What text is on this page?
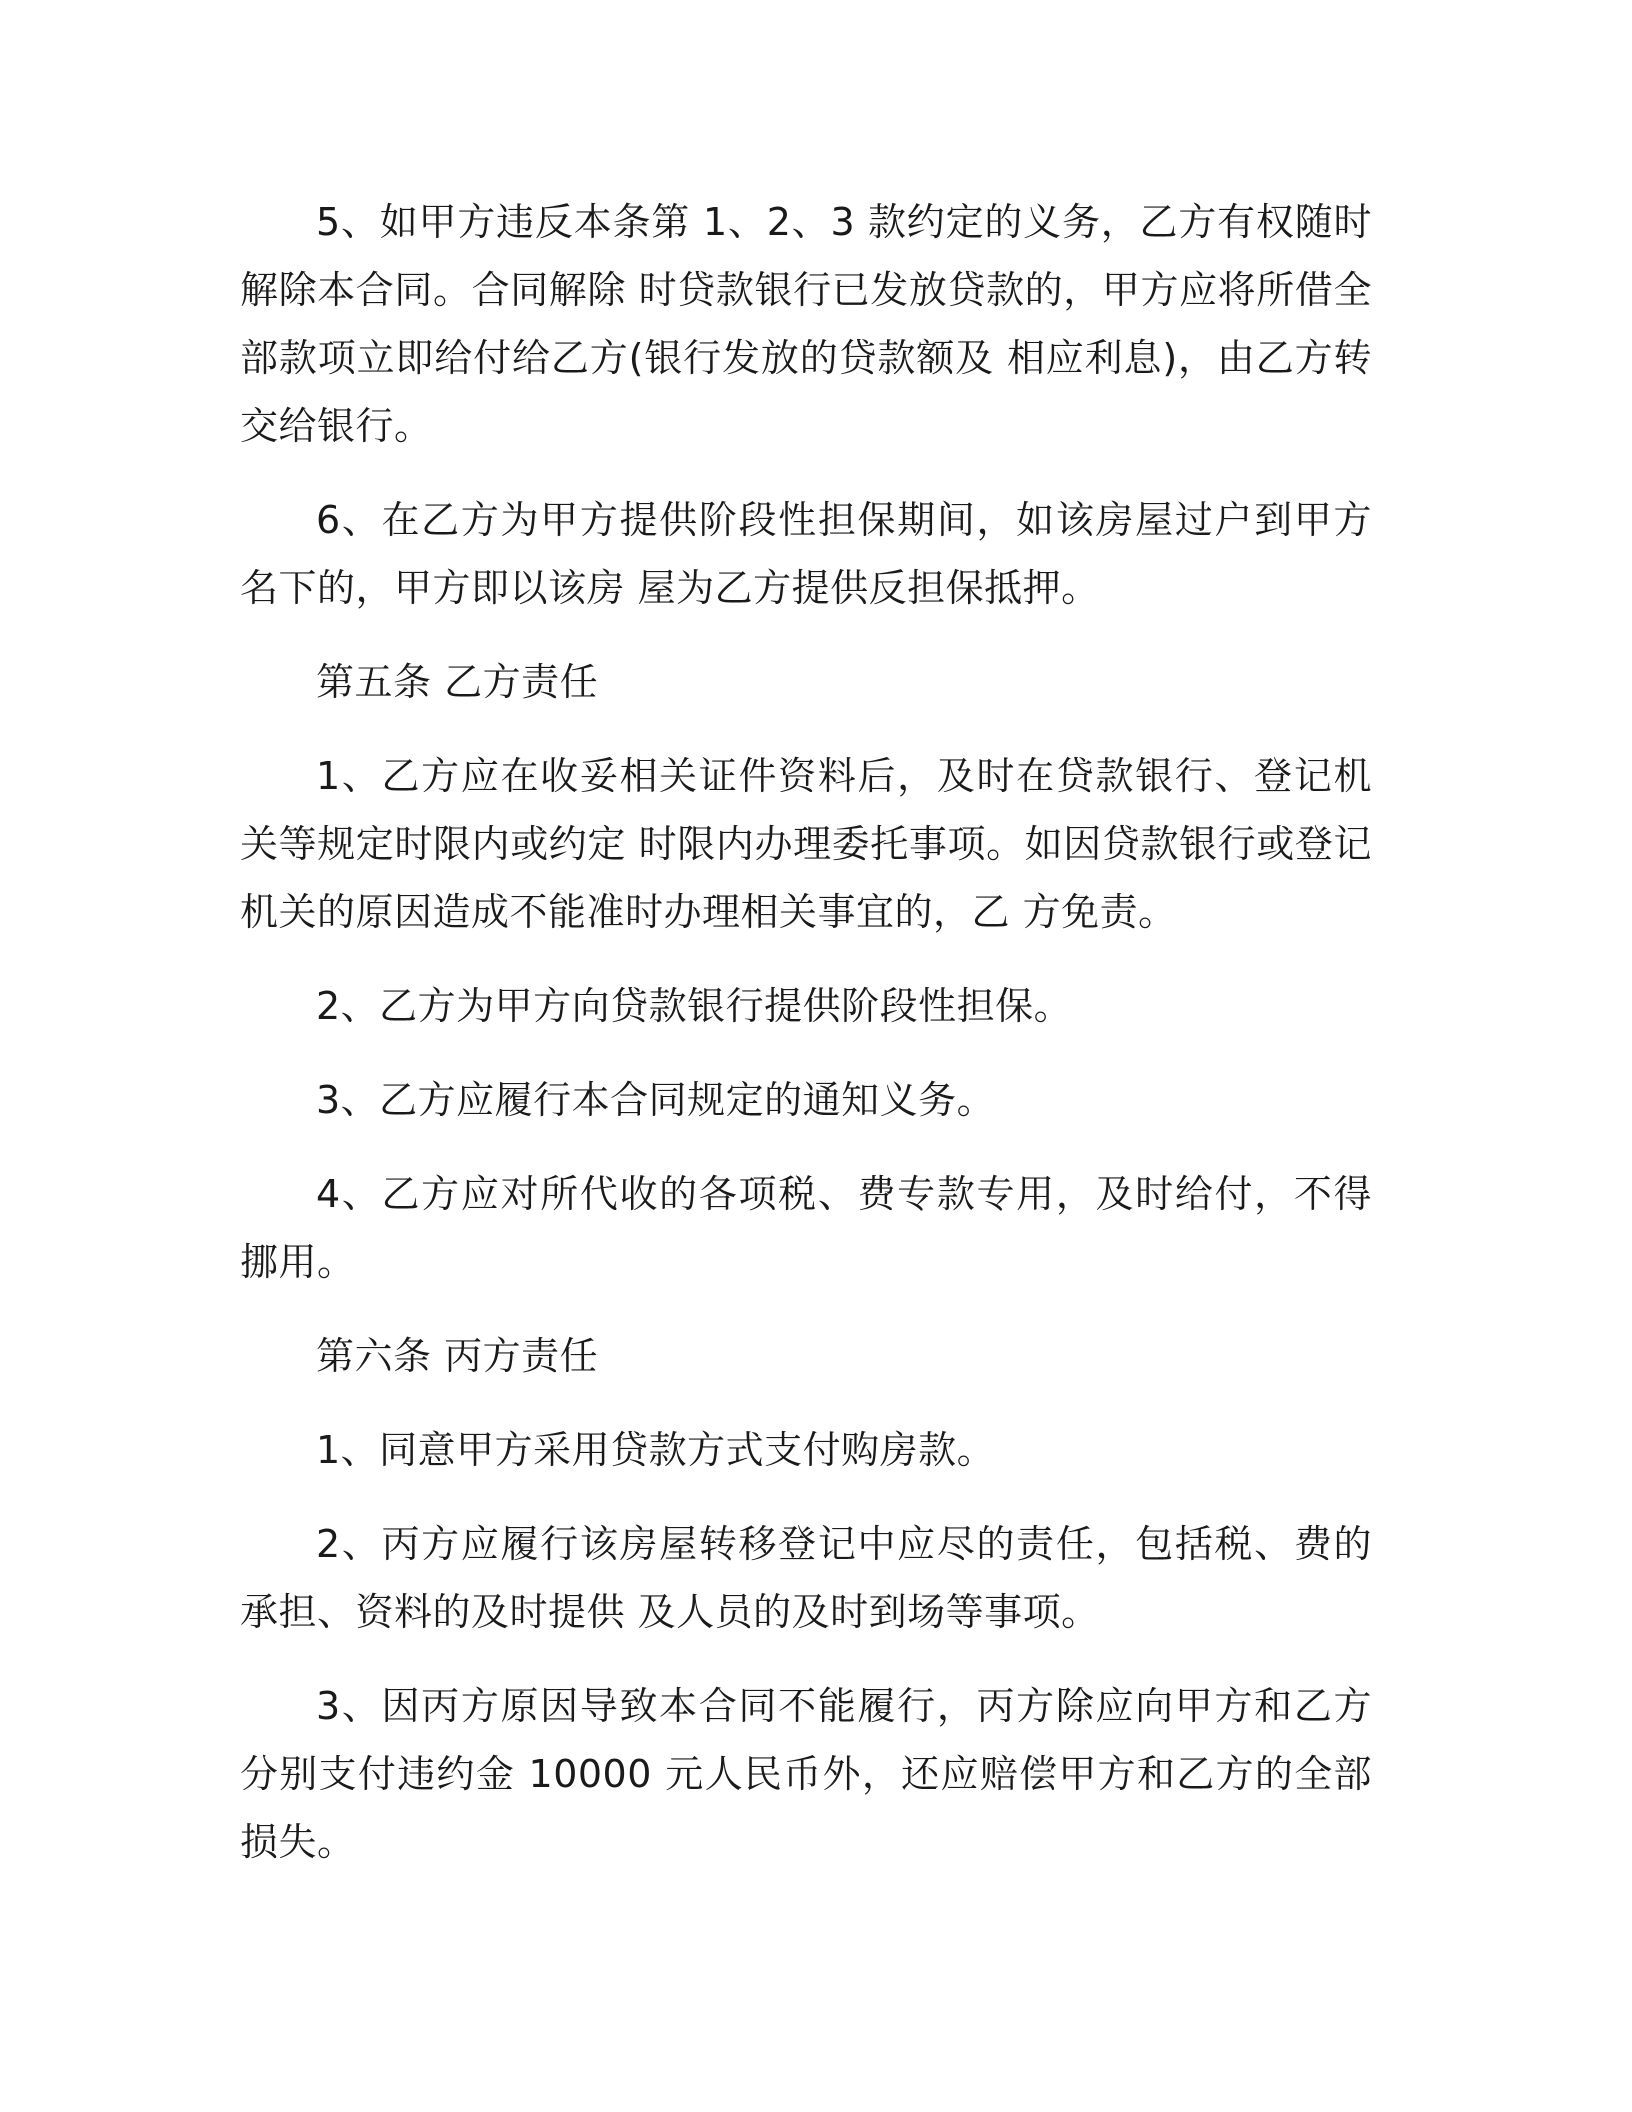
5、如甲方违反本条第 1、2、3 款约定的义务，乙方有权随时解除本合同。合同解除 时贷款银行已发放贷款的，甲方应将所借全部款项立即给付给乙方(银行发放的贷款额及 相应利息)，由乙方转交给银行。

6、在乙方为甲方提供阶段性担保期间，如该房屋过户到甲方名下的，甲方即以该房 屋为乙方提供反担保抵押。

第五条 乙方责任

1、乙方应在收妥相关证件资料后，及时在贷款银行、登记机关等规定时限内或约定 时限内办理委托事项。如因贷款银行或登记机关的原因造成不能准时办理相关事宜的，乙 方免责。

2、乙方为甲方向贷款银行提供阶段性担保。

3、乙方应履行本合同规定的通知义务。

4、乙方应对所代收的各项税、费专款专用，及时给付，不得挪用。

第六条 丙方责任

1、同意甲方采用贷款方式支付购房款。

2、丙方应履行该房屋转移登记中应尽的责任，包括税、费的承担、资料的及时提供 及人员的及时到场等事项。

3、因丙方原因导致本合同不能履行，丙方除应向甲方和乙方分别支付违约金 10000 元人民币外，还应赔偿甲方和乙方的全部损失。
